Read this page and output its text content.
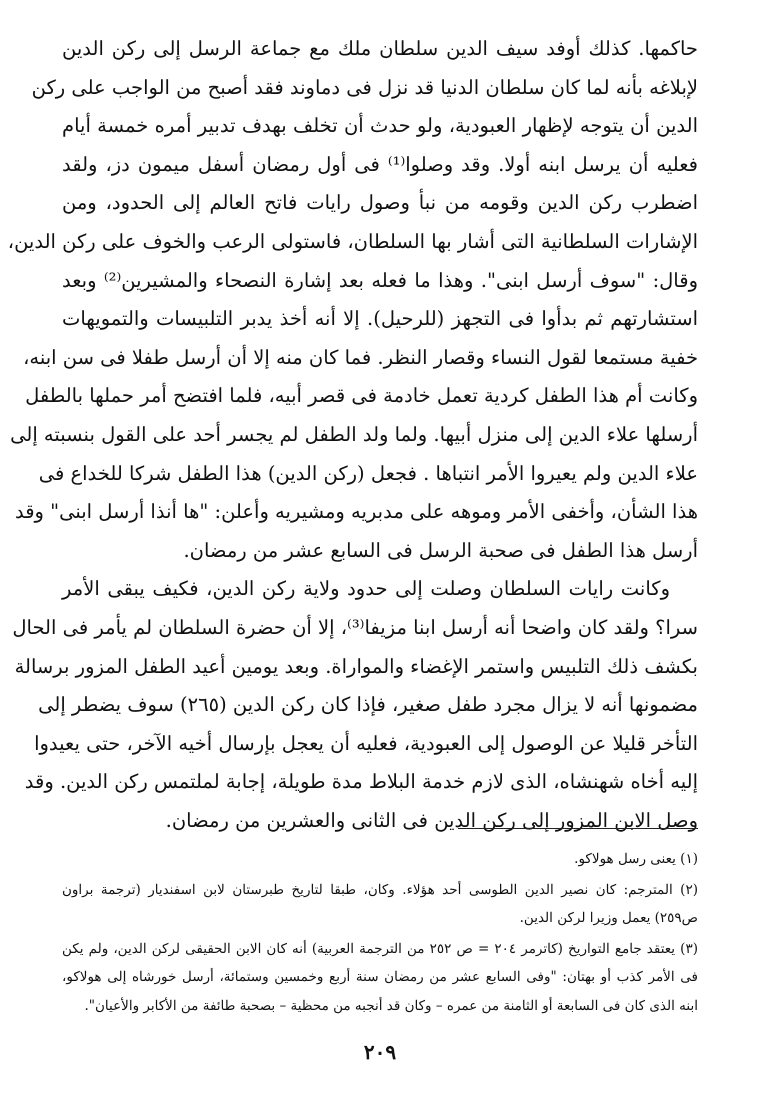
حاكمها. كذلك أوفد سيف الدين سلطان ملك مع جماعة الرسل إلى ركن الدين
لإبلاغه بأنه لما كان سلطان الدنيا قد نزل فى دماوند فقد أصبح من الواجب على ركن
الدين أن يتوجه لإظهار العبودية، ولو حدث أن تخلف بهدف تدبير أمره خمسة أيام
فعليه أن يرسل ابنه أولا. وقد وصلوا⁽¹⁾ فى أول رمضان أسفل ميمون دز، ولقد
اضطرب ركن الدين وقومه من نبأ وصول رايات فاتح العالم إلى الحدود، ومن
الإشارات السلطانية التى أشار بها السلطان، فاستولى الرعب والخوف على ركن الدين،
وقال: "سوف أرسل ابنى". وهذا ما فعله بعد إشارة النصحاء والمشيرين⁽²⁾ وبعد
استشارتهم ثم بدأوا فى التجهز (للرحيل). إلا أنه أخذ يدبر التلبيسات والتمويهات
خفية مستمعا لقول النساء وقصار النظر. فما كان منه إلا أن أرسل طفلا فى سن ابنه،
وكانت أم هذا الطفل كردية تعمل خادمة فى قصر أبيه، فلما افتضح أمر حملها بالطفل
أرسلها علاء الدين إلى منزل أبيها. ولما ولد الطفل لم يجسر أحد على القول بنسبته إلى
علاء الدين ولم يعيروا الأمر انتباها . فجعل (ركن الدين) هذا الطفل شركا للخداع فى
هذا الشأن، وأخفى الأمر وموهه على مدبريه ومشيريه وأعلن: "ها أنذا أرسل ابنى" وقد
أرسل هذا الطفل فى صحبة الرسل فى السابع عشر من رمضان.
وكانت رايات السلطان وصلت إلى حدود ولاية ركن الدين، فكيف يبقى الأمر
سرا؟ ولقد كان واضحا أنه أرسل ابنا مزيفا⁽³⁾، إلا أن حضرة السلطان لم يأمر فى الحال
بكشف ذلك التلبيس واستمر الإغضاء والمواراة. وبعد يومين أعيد الطفل المزور برسالة
مضمونها أنه لا يزال مجرد طفل صغير، فإذا كان ركن الدين (٢٦٥) سوف يضطر إلى
التأخر قليلا عن الوصول إلى العبودية، فعليه أن يعجل بإرسال أخيه الآخر، حتى يعيدوا
إليه أخاه شهنشاه، الذى لازم خدمة البلاط مدة طويلة، إجابة لملتمس ركن الدين. وقد
وصل الابن المزور إلى ركن الدين فى الثانى والعشرين من رمضان.
(١) يعنى رسل هولاكو.
(٢) المترجم: كان نصير الدين الطوسى أحد هؤلاء. وكان، طبقا لتاريخ طبرستان لابن اسفنديار (ترجمة براون
ص٢٥٩) يعمل وزيرا لركن الدين.
(٣) يعتقد جامع التواريخ (كاترمر ٢٠٤ = ص ٢٥٢ من الترجمة العربية) أنه كان الابن الحقيقى لركن الدين، ولم يكن
فى الأمر كذب أو بهتان: "وفى السابع عشر من رمضان سنة أربع وخمسين وستمائة، أرسل خورشاه إلى هولاكو،
ابنه الذى كان فى السابعة أو الثامنة من عمره – وكان قد أنجبه من محظية – بصحبة طائفة من الأكابر والأعيان".
٢٠٩
